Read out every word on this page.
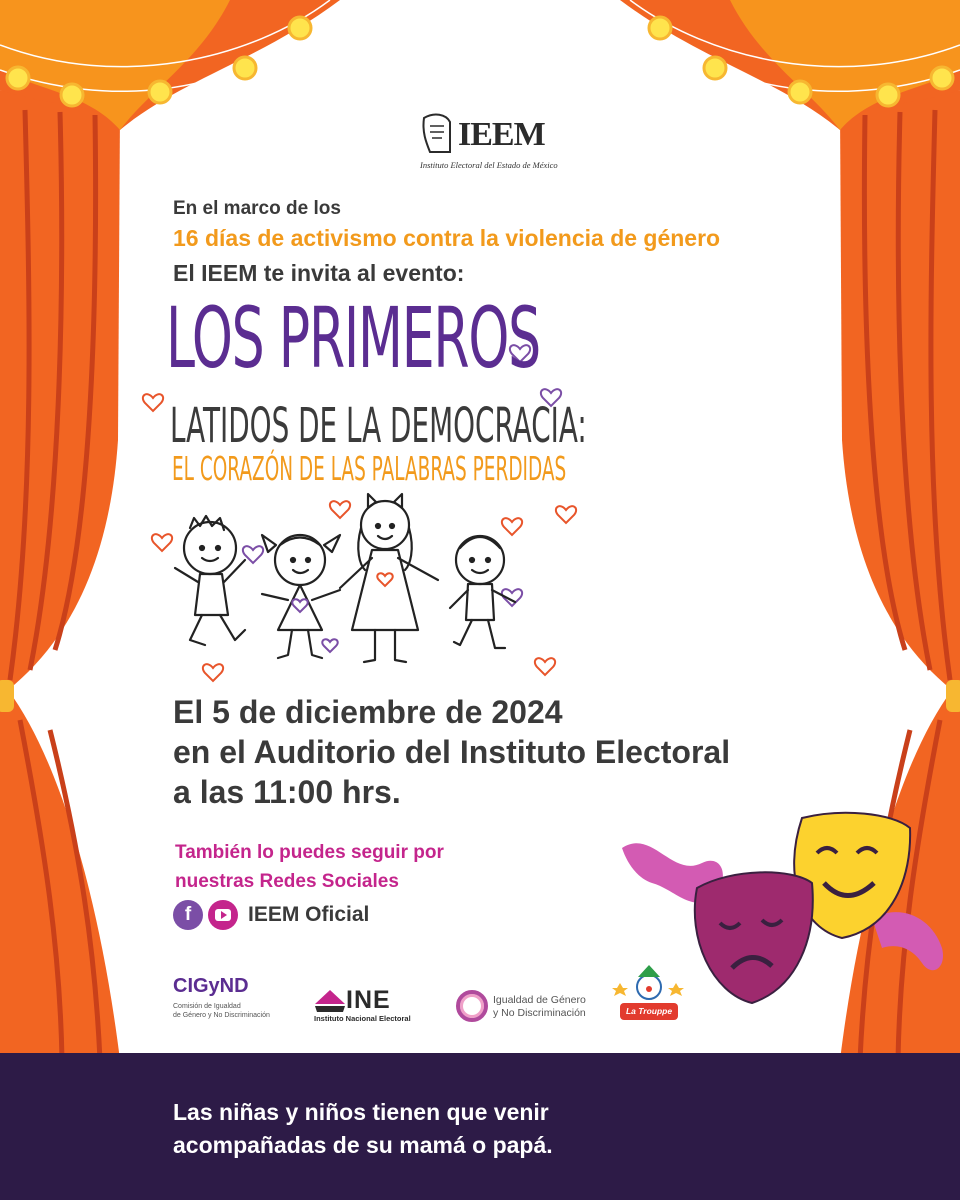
IEEM
Instituto Electoral del Estado de México
En el marco de los
16 días de activismo contra la violencia de género
El IEEM te invita al evento:
LOS PRIMEROS
LATIDOS DE LA DEMOCRACIA:
EL CORAZÓN DE LAS PALABRAS PERDIDAS
El 5 de diciembre de 2024
en el Auditorio del Instituto Electoral
a las 11:00 hrs.
También lo puedes seguir por
nuestras Redes Sociales
f	IEEM Oficial
CIGyND
Comisión de Igualdad
de Género y No Discriminación
INE
Instituto Nacional Electoral
Igualdad de Género
y No Discriminación	La Trouppe
Las niñas y niños tienen que venir
acompañadas de su mamá o papá.
